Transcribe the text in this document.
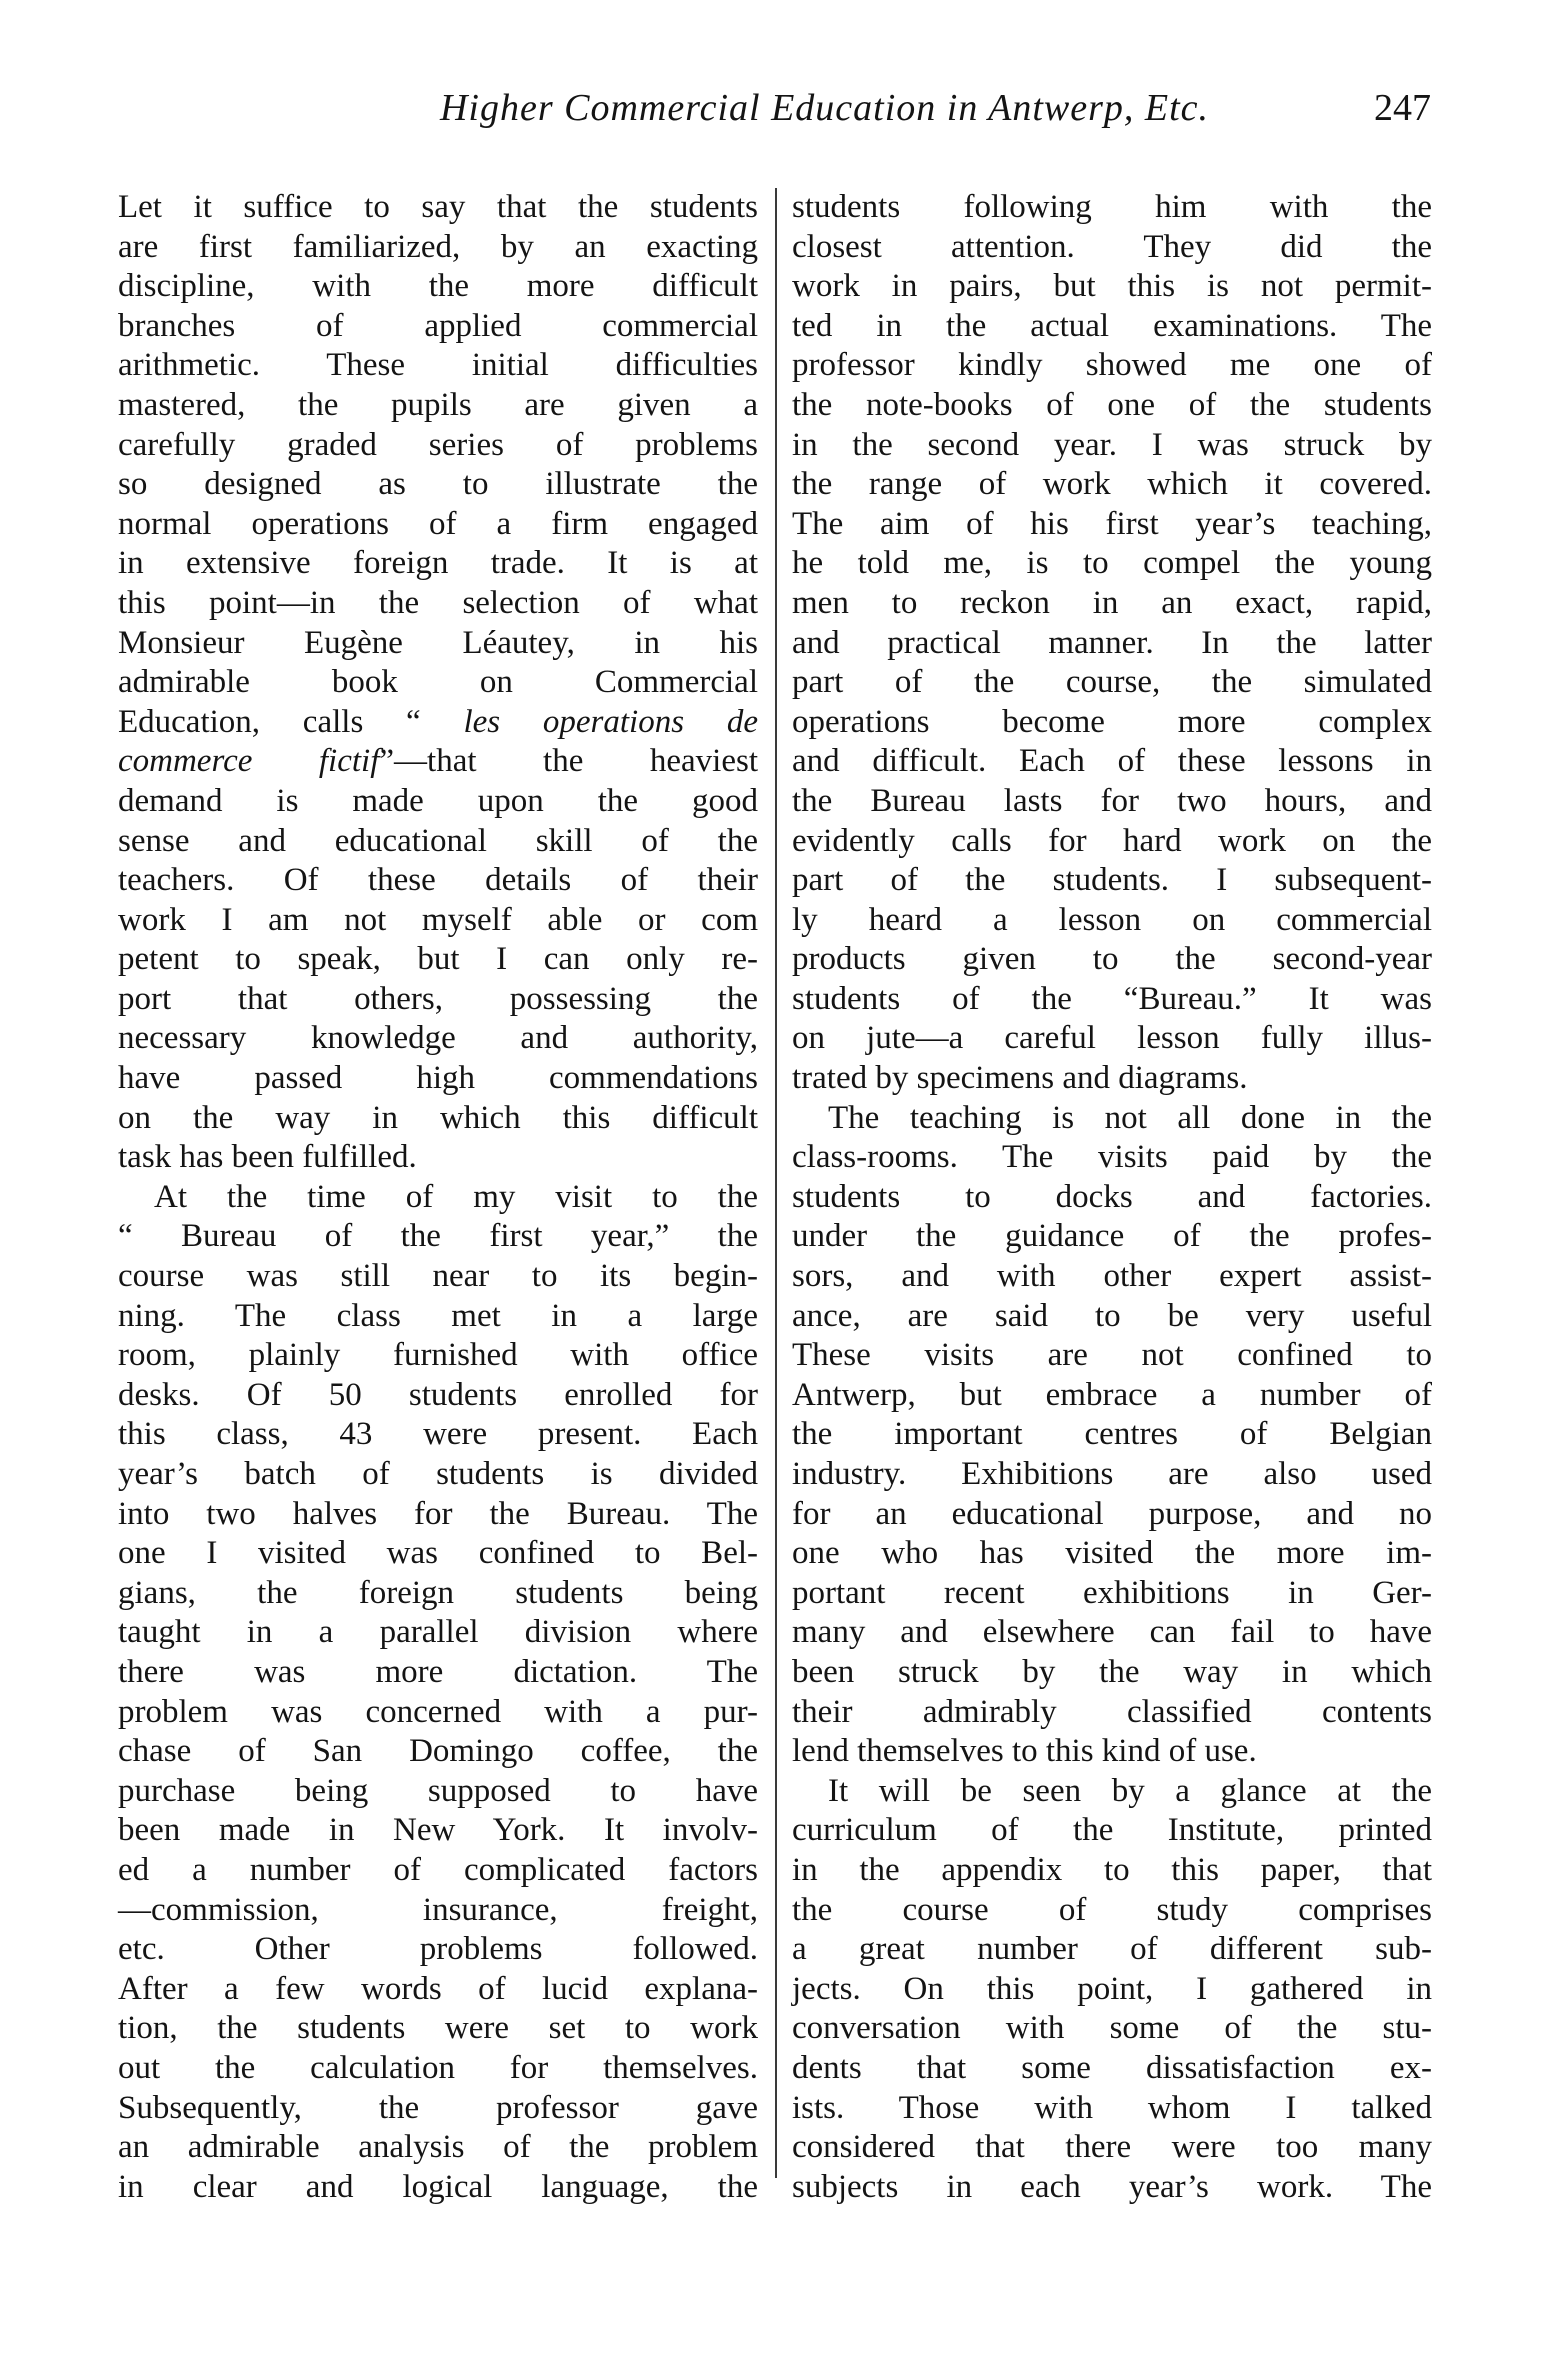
Higher Commercial Education in Antwerp, Etc.	247
Let it suffice to say that the students
are first familiarized, by an exacting
discipline, with the more difficult
branches of applied commercial
arithmetic. These initial difficulties
mastered, the pupils are given a
carefully graded series of problems
so designed as to illustrate the
normal operations of a firm engaged
in extensive foreign trade. It is at
this point—in the selection of what
Monsieur Eugène Léautey, in his
admirable book on Commercial
Education, calls “ les operations de
commerce fictif”—that the heaviest
demand is made upon the good
sense and educational skill of the
teachers. Of these details of their
work I am not myself able or com
petent to speak, but I can only re-
port that others, possessing the
necessary knowledge and authority,
have passed high commendations
on the way in which this difficult
task has been fulfilled.
At the time of my visit to the
“ Bureau of the first year,” the
course was still near to its begin-
ning. The class met in a large
room, plainly furnished with office
desks. Of 50 students enrolled for
this class, 43 were present. Each
year’s batch of students is divided
into two halves for the Bureau. The
one I visited was confined to Bel-
gians, the foreign students being
taught in a parallel division where
there was more dictation. The
problem was concerned with a pur-
chase of San Domingo coffee, the
purchase being supposed to have
been made in New York. It involv-
ed a number of complicated factors
—commission, insurance, freight,
etc. Other problems followed.
After a few words of lucid explana-
tion, the students were set to work
out the calculation for themselves.
Subsequently, the professor gave
an admirable analysis of the problem
in clear and logical language, the
students following him with the
closest attention. They did the
work in pairs, but this is not permit-
ted in the actual examinations. The
professor kindly showed me one of
the note-books of one of the students
in the second year. I was struck by
the range of work which it covered.
The aim of his first year’s teaching,
he told me, is to compel the young
men to reckon in an exact, rapid,
and practical manner. In the latter
part of the course, the simulated
operations become more complex
and difficult. Each of these lessons in
the Bureau lasts for two hours, and
evidently calls for hard work on the
part of the students. I subsequent-
ly heard a lesson on commercial
products given to the second-year
students of the “Bureau.” It was
on jute—a careful lesson fully illus-
trated by specimens and diagrams.
The teaching is not all done in the
class-rooms. The visits paid by the
students to docks and factories.
under the guidance of the profes-
sors, and with other expert assist-
ance, are said to be very useful
These visits are not confined to
Antwerp, but embrace a number of
the important centres of Belgian
industry. Exhibitions are also used
for an educational purpose, and no
one who has visited the more im-
portant recent exhibitions in Ger-
many and elsewhere can fail to have
been struck by the way in which
their admirably classified contents
lend themselves to this kind of use.
It will be seen by a glance at the
curriculum of the Institute, printed
in the appendix to this paper, that
the course of study comprises
a great number of different sub-
jects. On this point, I gathered in
conversation with some of the stu-
dents that some dissatisfaction ex-
ists. Those with whom I talked
considered that there were too many
subjects in each year’s work. The
